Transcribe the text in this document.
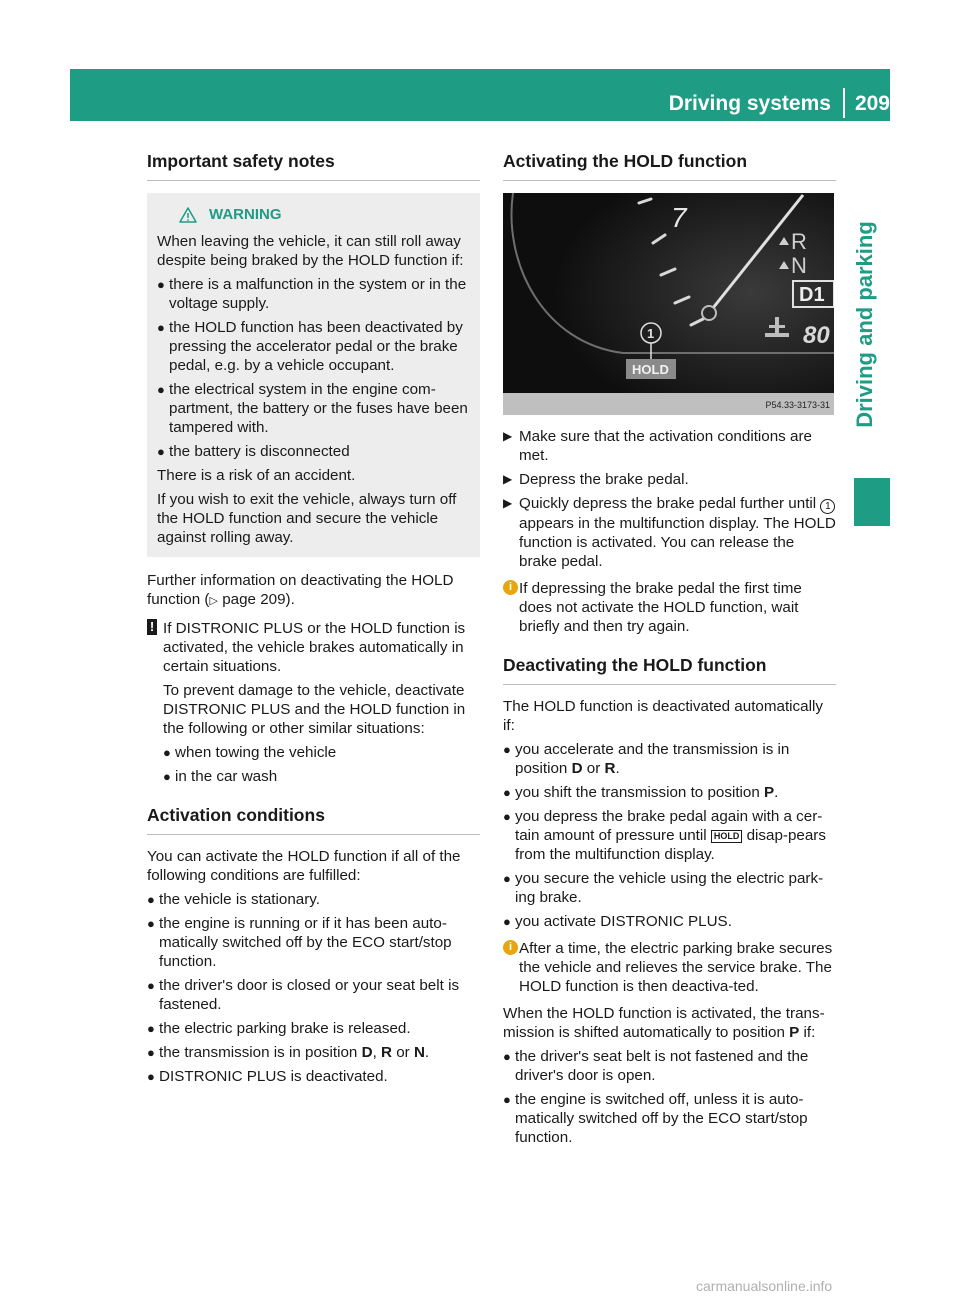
Driving systems 209
Driving and parking
Important safety notes
WARNING

When leaving the vehicle, it can still roll away despite being braked by the HOLD function if:

● there is a malfunction in the system or in the voltage supply.
● the HOLD function has been deactivated by pressing the accelerator pedal or the brake pedal, e.g. by a vehicle occupant.
● the electrical system in the engine com-partment, the battery or the fuses have been tampered with.
● the battery is disconnected

There is a risk of an accident.

If you wish to exit the vehicle, always turn off the HOLD function and secure the vehicle against rolling away.

Further information on deactivating the HOLD function (▷ page 209).

! If DISTRONIC PLUS or the HOLD function is activated, the vehicle brakes automatically in certain situations.

To prevent damage to the vehicle, deactivate DISTRONIC PLUS and the HOLD function in the following or other similar situations:

● when towing the vehicle
● in the car wash
Activation conditions

You can activate the HOLD function if all of the following conditions are fulfilled:

● the vehicle is stationary.
● the engine is running or if it has been auto-matically switched off by the ECO start/stop function.
● the driver's door is closed or your seat belt is fastened.
● the electric parking brake is released.
● the transmission is in position D, R or N.
● DISTRONIC PLUS is deactivated.
Activating the HOLD function
7
R
N
D1
80
1
HOLD
P54.33-3173-31
▶ Make sure that the activation conditions are met.
▶ Depress the brake pedal.
▶ Quickly depress the brake pedal further until 1 appears in the multifunction display. The HOLD function is activated. You can release the brake pedal.
i If depressing the brake pedal the first time does not activate the HOLD function, wait briefly and then try again.
Deactivating the HOLD function

The HOLD function is deactivated automatically if:

● you accelerate and the transmission is in position D or R.
● you shift the transmission to position P.
● you depress the brake pedal again with a cer-tain amount of pressure until HOLD disap-pears from the multifunction display.
● you secure the vehicle using the electric park-ing brake.
● you activate DISTRONIC PLUS.
i After a time, the electric parking brake secures the vehicle and relieves the service brake. The HOLD function is then deactiva-ted.

When the HOLD function is activated, the trans-mission is shifted automatically to position P if:

● the driver's seat belt is not fastened and the driver's door is open.
● the engine is switched off, unless it is auto-matically switched off by the ECO start/stop function.
carmanualsonline.info
